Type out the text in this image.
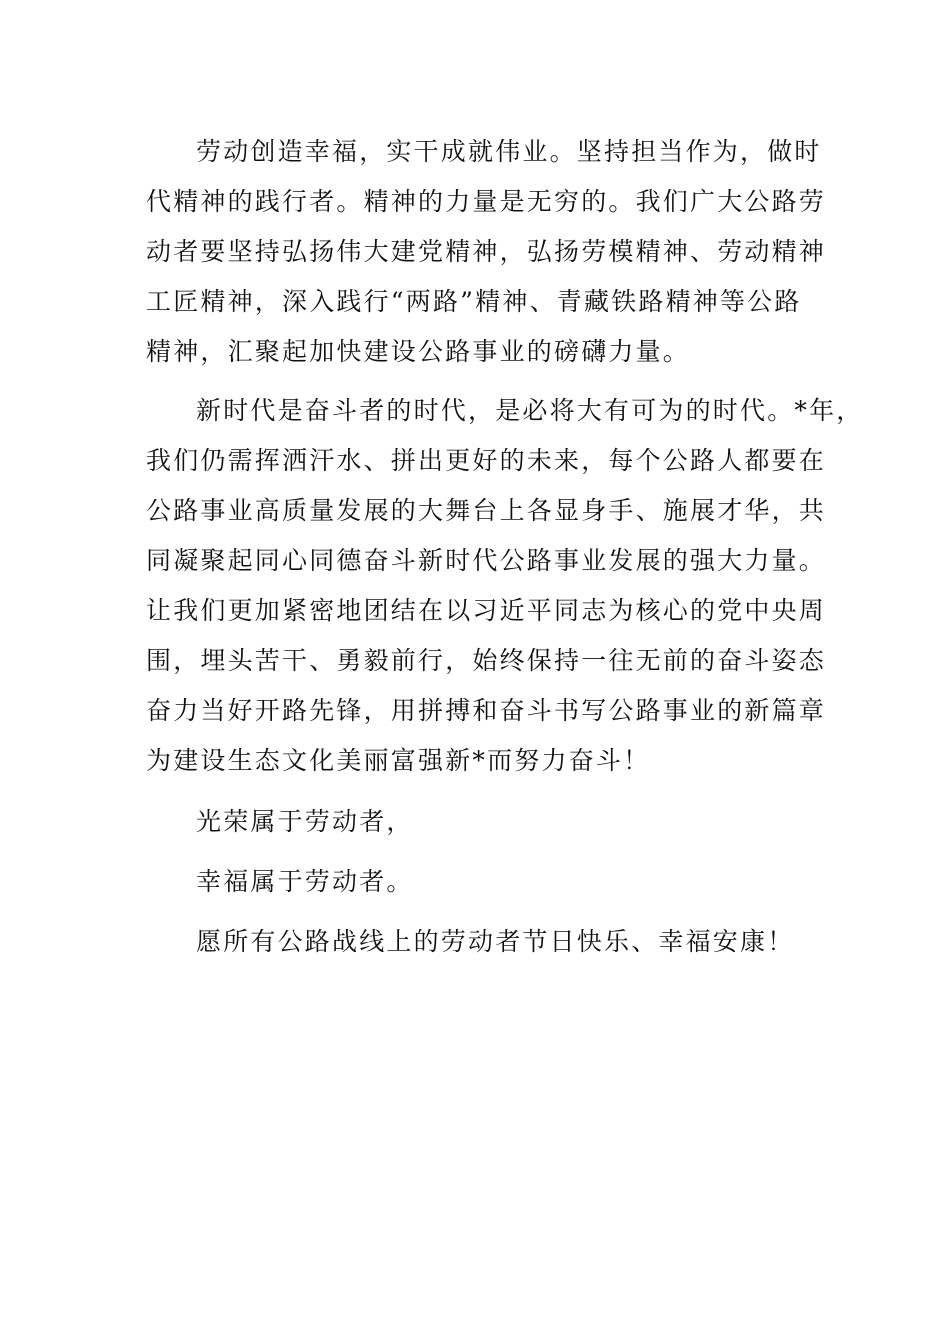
劳动创造幸福，实干成就伟业。坚持担当作为，做时
代精神的践行者。精神的力量是无穷的。我们广大公路劳
动者要坚持弘扬伟大建党精神，弘扬劳模精神、劳动精神
工匠精神，深入践行“两路”精神、青藏铁路精神等公路
精神，汇聚起加快建设公路事业的磅礴力量。
新时代是奋斗者的时代，是必将大有可为的时代。*年，
我们仍需挥洒汗水、拼出更好的未来，每个公路人都要在
公路事业高质量发展的大舞台上各显身手、施展才华，共
同凝聚起同心同德奋斗新时代公路事业发展的强大力量。
让我们更加紧密地团结在以习近平同志为核心的党中央周
围，埋头苦干、勇毅前行，始终保持一往无前的奋斗姿态
奋力当好开路先锋，用拼搏和奋斗书写公路事业的新篇章
为建设生态文化美丽富强新*而努力奋斗！
光荣属于劳动者，
幸福属于劳动者。
愿所有公路战线上的劳动者节日快乐、幸福安康！
